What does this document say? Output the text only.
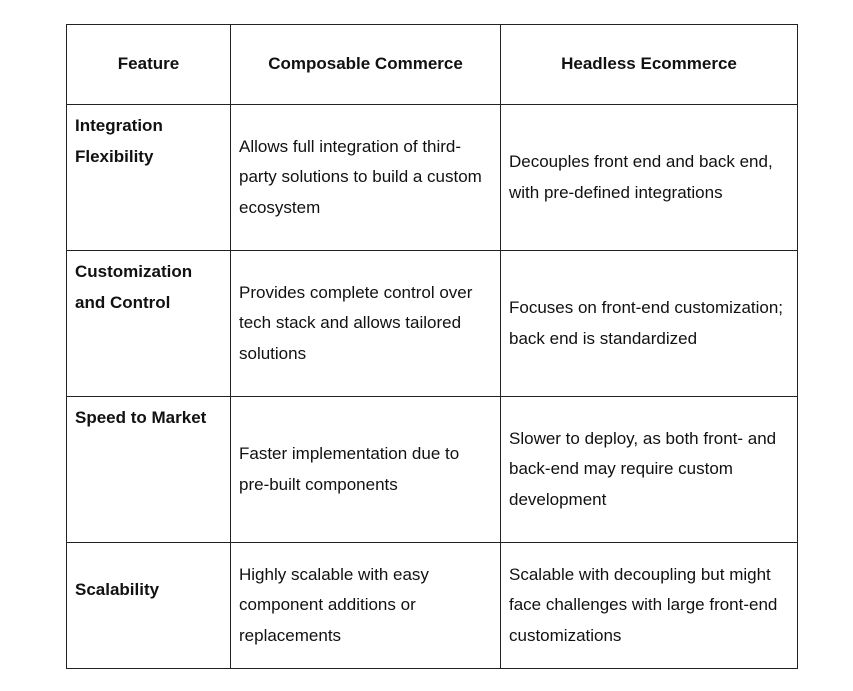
Feature	Composable Commerce	Headless Ecommerce
Integration Flexibility	Allows full integration of third-party solutions to build a custom ecosystem	Decouples front end and back end, with pre-defined integrations
Customization and Control	Provides complete control over tech stack and allows tailored solutions	Focuses on front-end customization; back end is standardized
Speed to Market	Faster implementation due to pre-built components	Slower to deploy, as both front- and back-end may require custom development
Scalability	Highly scalable with easy component additions or replacements	Scalable with decoupling but might face challenges with large front-end customizations
